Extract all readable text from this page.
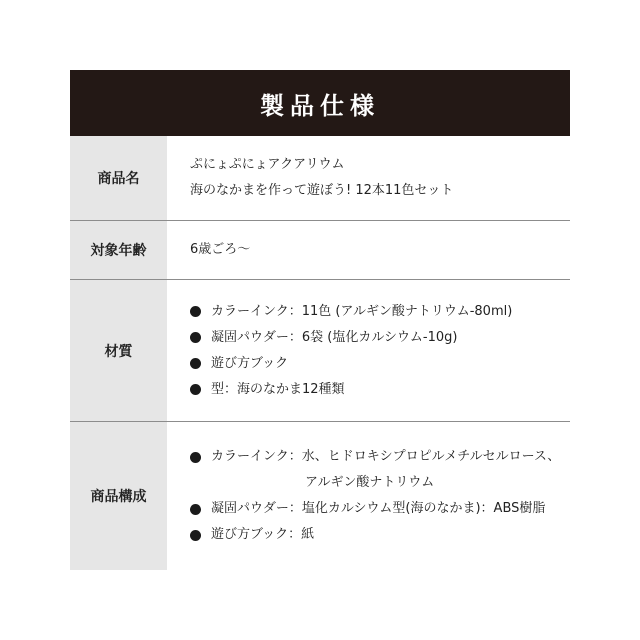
製品仕様
商品名
ぷにょぷにょアクアリウム
海のなかまを作って遊ぼう! 12本11色セット
対象年齢	6歳ごろ〜
材質
カラーインク：11色 (アルギン酸ナトリウム-80ml)
凝固パウダー：6袋 (塩化カルシウム-10g)
遊び方ブック
型：海のなかま12種類
商品構成
カラーインク：水、ヒドロキシプロピルメチルセルロース、
アルギン酸ナトリウム
凝固パウダー：塩化カルシウム型(海のなかま)：ABS樹脂
遊び方ブック：紙
